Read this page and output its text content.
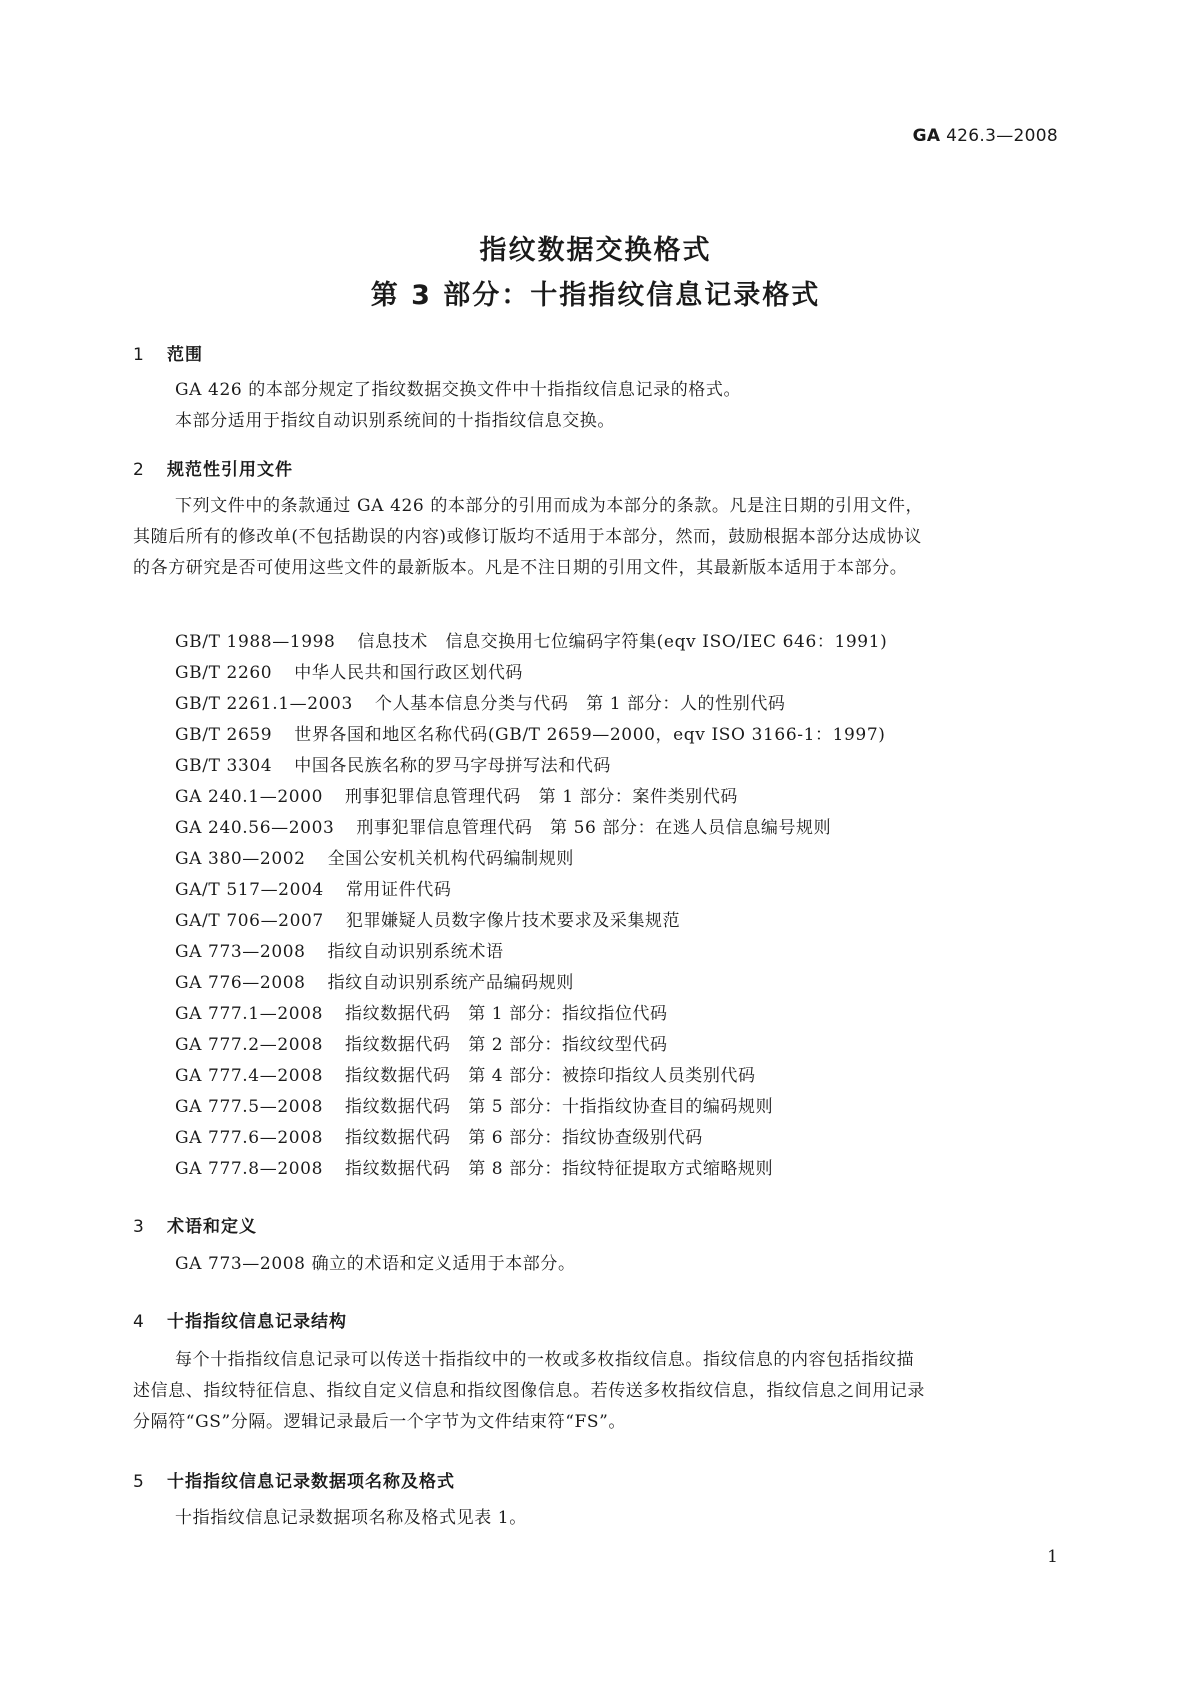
GA 426.3—2008
指纹数据交换格式
第 3 部分：十指指纹信息记录格式
1 范围
GA 426 的本部分规定了指纹数据交换文件中十指指纹信息记录的格式。
本部分适用于指纹自动识别系统间的十指指纹信息交换。
2 规范性引用文件
下列文件中的条款通过 GA 426 的本部分的引用而成为本部分的条款。凡是注日期的引用文件，
其随后所有的修改单(不包括勘误的内容)或修订版均不适用于本部分，然而，鼓励根据本部分达成协议
的各方研究是否可使用这些文件的最新版本。凡是不注日期的引用文件，其最新版本适用于本部分。
GB/T 1988—1998 信息技术　信息交换用七位编码字符集(eqv ISO/IEC 646：1991)
GB/T 2260 中华人民共和国行政区划代码
GB/T 2261.1—2003 个人基本信息分类与代码　第 1 部分：人的性别代码
GB/T 2659 世界各国和地区名称代码(GB/T 2659—2000，eqv ISO 3166-1：1997)
GB/T 3304 中国各民族名称的罗马字母拼写法和代码
GA 240.1—2000 刑事犯罪信息管理代码　第 1 部分：案件类别代码
GA 240.56—2003 刑事犯罪信息管理代码　第 56 部分：在逃人员信息编号规则
GA 380—2002 全国公安机关机构代码编制规则
GA/T 517—2004 常用证件代码
GA/T 706—2007 犯罪嫌疑人员数字像片技术要求及采集规范
GA 773—2008 指纹自动识别系统术语
GA 776—2008 指纹自动识别系统产品编码规则
GA 777.1—2008 指纹数据代码　第 1 部分：指纹指位代码
GA 777.2—2008 指纹数据代码　第 2 部分：指纹纹型代码
GA 777.4—2008 指纹数据代码　第 4 部分：被捺印指纹人员类别代码
GA 777.5—2008 指纹数据代码　第 5 部分：十指指纹协查目的编码规则
GA 777.6—2008 指纹数据代码　第 6 部分：指纹协查级别代码
GA 777.8—2008 指纹数据代码　第 8 部分：指纹特征提取方式缩略规则
3 术语和定义
GA 773—2008 确立的术语和定义适用于本部分。
4 十指指纹信息记录结构
每个十指指纹信息记录可以传送十指指纹中的一枚或多枚指纹信息。指纹信息的内容包括指纹描
述信息、指纹特征信息、指纹自定义信息和指纹图像信息。若传送多枚指纹信息，指纹信息之间用记录
分隔符“GS”分隔。逻辑记录最后一个字节为文件结束符“FS”。
5 十指指纹信息记录数据项名称及格式
十指指纹信息记录数据项名称及格式见表 1。
1
